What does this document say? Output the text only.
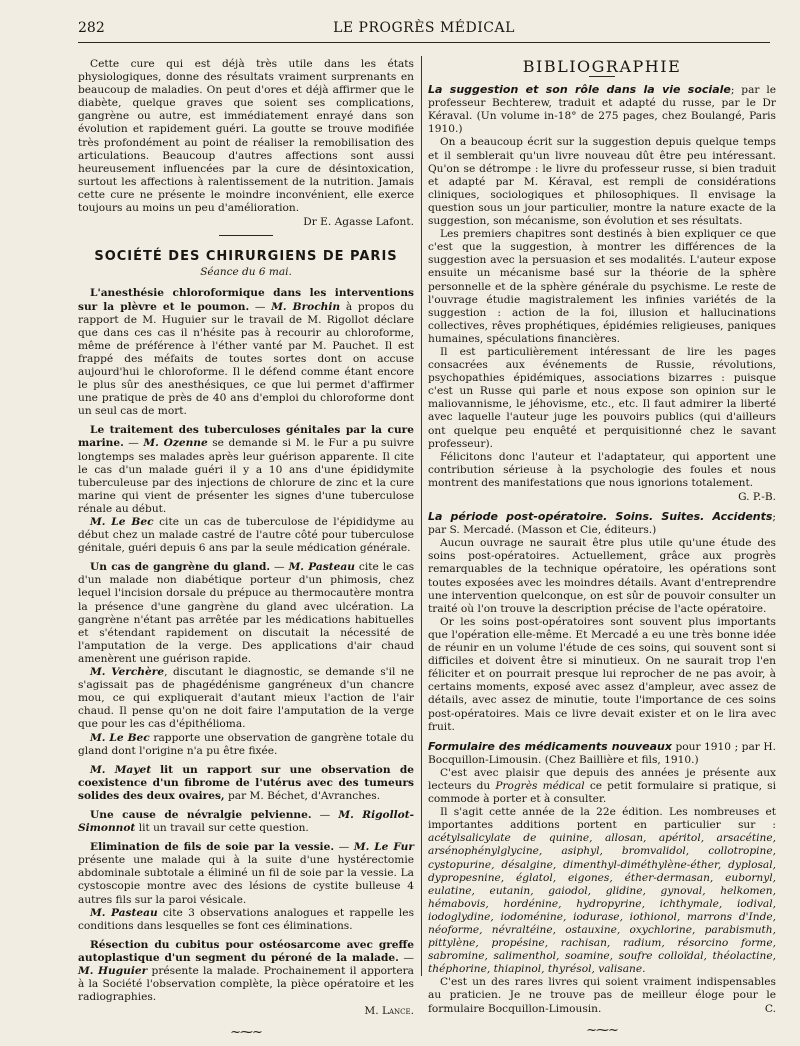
282	LE PROGRÈS MÉDICAL

Cette cure qui est déjà très utile dans les états physiologiques, donne des résultats vraiment surprenants en beaucoup de maladies. On peut d'ores et déjà affirmer que le diabète, quelque graves que soient ses complications, gangrène ou autre, est immédiatement enrayé dans son évolution et rapidement guéri. La goutte se trouve modifiée très profondément au point de réaliser la remobilisation des articulations. Beaucoup d'autres affections sont aussi heureusement influencées par la cure de désintoxication, surtout les affections à ralentissement de la nutrition. Jamais cette cure ne présente le moindre inconvénient, elle exerce toujours au moins un peu d'amélioration.

Dr E. Agasse Lafont.
SOCIÉTÉ DES CHIRURGIENS DE PARIS
Séance du 6 mai.

L'anesthésie chloroformique dans les interventions sur la plèvre et le poumon. — M. Brochin à propos du rapport de M. Huguier sur le travail de M. Rigollot déclare que dans ces cas il n'hésite pas à recourir au chloroforme, même de préférence à l'éther vanté par M. Pauchet. Il est frappé des méfaits de toutes sortes dont on accuse aujourd'hui le chloroforme. Il le défend comme étant encore le plus sûr des anesthésiques, ce que lui permet d'affirmer une pratique de près de 40 ans d'emploi du chloroforme dont un seul cas de mort.

Le traitement des tuberculoses génitales par la cure marine. — M. Ozenne se demande si M. le Fur a pu suivre longtemps ses malades après leur guérison apparente. Il cite le cas d'un malade guéri il y a 10 ans d'une épididymite tuberculeuse par des injections de chlorure de zinc et la cure marine qui vient de présenter les signes d'une tuberculose rénale au début.

M. Le Bec cite un cas de tuberculose de l'épididyme au début chez un malade castré de l'autre côté pour tuberculose génitale, guéri depuis 6 ans par la seule médication générale.

Un cas de gangrène du gland. — M. Pasteau cite le cas d'un malade non diabétique porteur d'un phimosis, chez lequel l'incision dorsale du prépuce au thermocautère montra la présence d'une gangrène du gland avec ulcération. La gangrène n'étant pas arrêtée par les médications habituelles et s'étendant rapidement on discutait la nécessité de l'amputation de la verge. Des applications d'air chaud amenèrent une guérison rapide.

M. Verchère, discutant le diagnostic, se demande s'il ne s'agissait pas de phagédénisme gangréneux d'un chancre mou, ce qui expliquerait d'autant mieux l'action de l'air chaud. Il pense qu'on ne doit faire l'amputation de la verge que pour les cas d'épithélioma.

M. Le Bec rapporte une observation de gangrène totale du gland dont l'origine n'a pu être fixée.

M. Mayet lit un rapport sur une observation de coexistence d'un fibrome de l'utérus avec des tumeurs solides des deux ovaires, par M. Béchet, d'Avranches.

Une cause de névralgie pelvienne. — M. Rigollot-Simonnot lit un travail sur cette question.

Elimination de fils de soie par la vessie. — M. Le Fur présente une malade qui à la suite d'une hystérectomie abdominale subtotale a éliminé un fil de soie par la vessie. La cystoscopie montre avec des lésions de cystite bulleuse 4 autres fils sur la paroi vésicale.

M. Pasteau cite 3 observations analogues et rappelle les conditions dans lesquelles se font ces éliminations.

Résection du cubitus pour ostéosarcome avec greffe autoplastique d'un segment du péroné de la malade. — M. Huguier présente la malade. Prochainement il apportera à la Société l'observation complète, la pièce opératoire et les radiographies.

M. Lance.
~⁓~
BIBLIOGRAPHIE

La suggestion et son rôle dans la vie sociale; par le professeur Bechterew, traduit et adapté du russe, par le Dr Kéraval. (Un volume in-18° de 275 pages, chez Boulangé, Paris 1910.)

On a beaucoup écrit sur la suggestion depuis quelque temps et il semblerait qu'un livre nouveau dût être peu intéressant. Qu'on se détrompe : le livre du professeur russe, si bien traduit et adapté par M. Kéraval, est rempli de considérations cliniques, sociologiques et philosophiques. Il envisage la question sous un jour particulier, montre la nature exacte de la suggestion, son mécanisme, son évolution et ses résultats.

Les premiers chapitres sont destinés à bien expliquer ce que c'est que la suggestion, à montrer les différences de la suggestion avec la persuasion et ses modalités. L'auteur expose ensuite un mécanisme basé sur la théorie de la sphère personnelle et de la sphère générale du psychisme. Le reste de l'ouvrage étudie magistralement les infinies variétés de la suggestion : action de la foi, illusion et hallucinations collectives, rêves prophétiques, épidémies religieuses, paniques humaines, spéculations financières.

Il est particulièrement intéressant de lire les pages consacrées aux événements de Russie, révolutions, psychopathies épidémiques, associations bizarres : puisque c'est un Russe qui parle et nous expose son opinion sur le maliovannisme, le jéhovisme, etc., etc. Il faut admirer la liberté avec laquelle l'auteur juge les pouvoirs publics (qui d'ailleurs ont quelque peu enquêté et perquisitionné chez le savant professeur).

Félicitons donc l'auteur et l'adaptateur, qui apportent une contribution sérieuse à la psychologie des foules et nous montrent des manifestations que nous ignorions totalement.

G. P.-B.

La période post-opératoire. Soins. Suites. Accidents; par S. Mercadé. (Masson et Cie, éditeurs.)

Aucun ouvrage ne saurait être plus utile qu'une étude des soins post-opératoires. Actuellement, grâce aux progrès remarquables de la technique opératoire, les opérations sont toutes exposées avec les moindres détails. Avant d'entreprendre une intervention quelconque, on est sûr de pouvoir consulter un traité où l'on trouve la description précise de l'acte opératoire.

Or les soins post-opératoires sont souvent plus importants que l'opération elle-même. Et Mercadé a eu une très bonne idée de réunir en un volume l'étude de ces soins, qui souvent sont si difficiles et doivent être si minutieux. On ne saurait trop l'en féliciter et on pourrait presque lui reprocher de ne pas avoir, à certains moments, exposé avec assez d'ampleur, avec assez de détails, avec assez de minutie, toute l'importance de ces soins post-opératoires. Mais ce livre devait exister et on le lira avec fruit.

Formulaire des médicaments nouveaux pour 1910 ; par H. Bocquillon-Limousin. (Chez Baillière et fils, 1910.)

C'est avec plaisir que depuis des années je présente aux lecteurs du Progrès médical ce petit formulaire si pratique, si commode à porter et à consulter.

Il s'agit cette année de la 22e édition. Les nombreuses et importantes additions portent en particulier sur : acétylsalicylate de quinine, allosan, apéritol, arsacétine, arsénophénylglycine, asiphyl, bromvalidol, collotropine, cystopurine, désalgine, dimenthyl-diméthylène-éther, dyplosal, dypropesnine, églatol, eigones, éther-dermasan, eubornyl, eulatine, eutanin, gaiodol, glidine, gynoval, helkomen, hémabovis, hordénine, hydropyrine, ichthymale, iodival, iodoglydine, iodoménine, iodurase, iothionol, marrons d'Inde, néoforme, névraltéine, ostauxine, oxychlorine, parabismuth, pittylène, propésine, rachisan, radium, résorcino forme, sabromine, salimenthol, soamine, soufre colloïdal, théolactine, théphorine, thiapinol, thyrésol, valisane.

C'est un des rares livres qui soient vraiment indispensables au praticien. Je ne trouve pas de meilleur éloge pour le formulaire Bocquillon-Limousin.	C.
~⁓~
